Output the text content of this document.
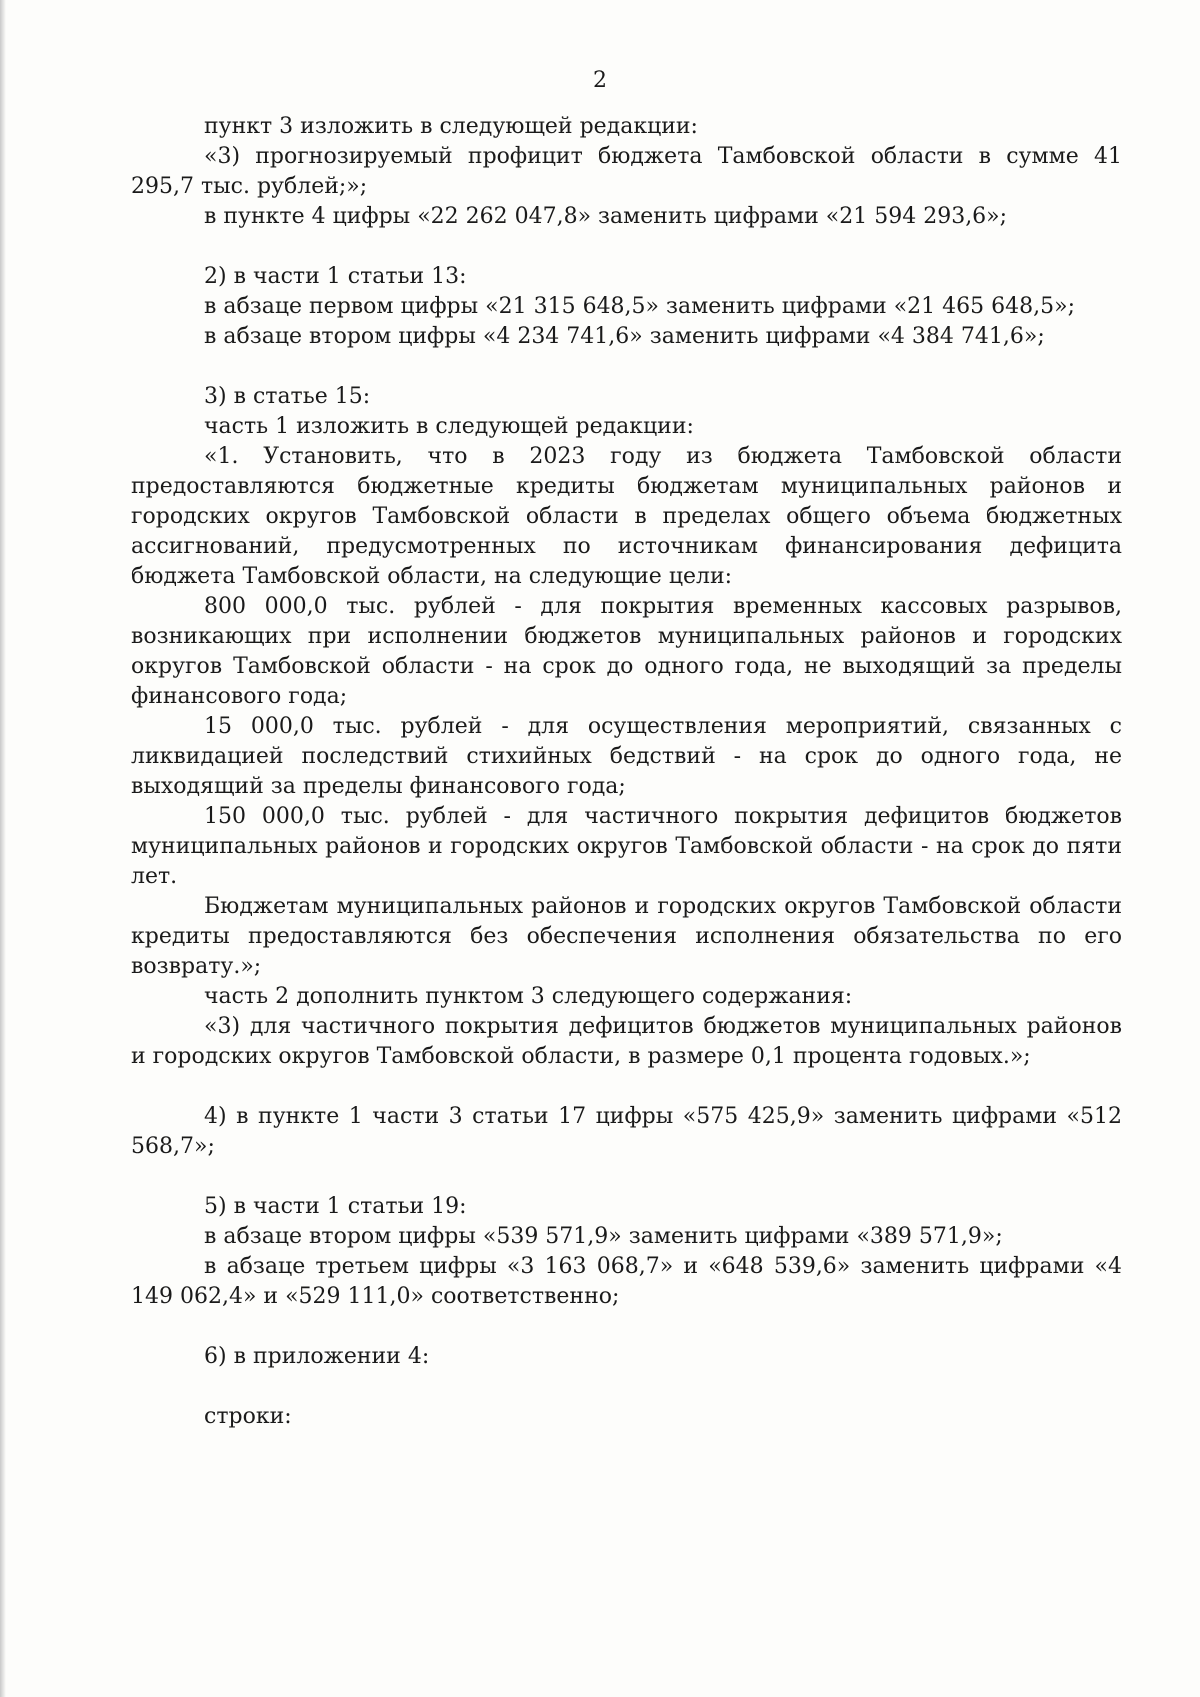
2

пункт 3 изложить в следующей редакции:

«3) прогнозируемый профицит бюджета Тамбовской области в сумме 41 295,7 тыс. рублей;»;

в пункте 4 цифры «22 262 047,8» заменить цифрами «21 594 293,6»;

2) в части 1 статьи 13:

в абзаце первом цифры «21 315 648,5» заменить цифрами «21 465 648,5»;

в абзаце втором цифры «4 234 741,6» заменить цифрами «4 384 741,6»;

3) в статье 15:

часть 1 изложить в следующей редакции:

«1. Установить, что в 2023 году из бюджета Тамбовской области предоставляются бюджетные кредиты бюджетам муниципальных районов и городских округов Тамбовской области в пределах общего объема бюджетных ассигнований, предусмотренных по источникам финансирования дефицита бюджета Тамбовской области, на следующие цели:

800 000,0 тыс. рублей - для покрытия временных кассовых разрывов, возникающих при исполнении бюджетов муниципальных районов и городских округов Тамбовской области - на срок до одного года, не выходящий за пределы финансового года;

15 000,0 тыс. рублей - для осуществления мероприятий, связанных с ликвидацией последствий стихийных бедствий - на срок до одного года, не выходящий за пределы финансового года;

150 000,0 тыс. рублей - для частичного покрытия дефицитов бюджетов муниципальных районов и городских округов Тамбовской области - на срок до пяти лет.

Бюджетам муниципальных районов и городских округов Тамбовской области кредиты предоставляются без обеспечения исполнения обязательства по его возврату.»;

часть 2 дополнить пунктом 3 следующего содержания:

«3) для частичного покрытия дефицитов бюджетов муниципальных районов и городских округов Тамбовской области, в размере 0,1 процента годовых.»;

4) в пункте 1 части 3 статьи 17 цифры «575 425,9» заменить цифрами «512 568,7»;

5) в части 1 статьи 19:

в абзаце втором цифры «539 571,9» заменить цифрами «389 571,9»;

в абзаце третьем цифры «3 163 068,7» и «648 539,6» заменить цифрами «4 149 062,4» и «529 111,0» соответственно;

6) в приложении 4:

строки:
